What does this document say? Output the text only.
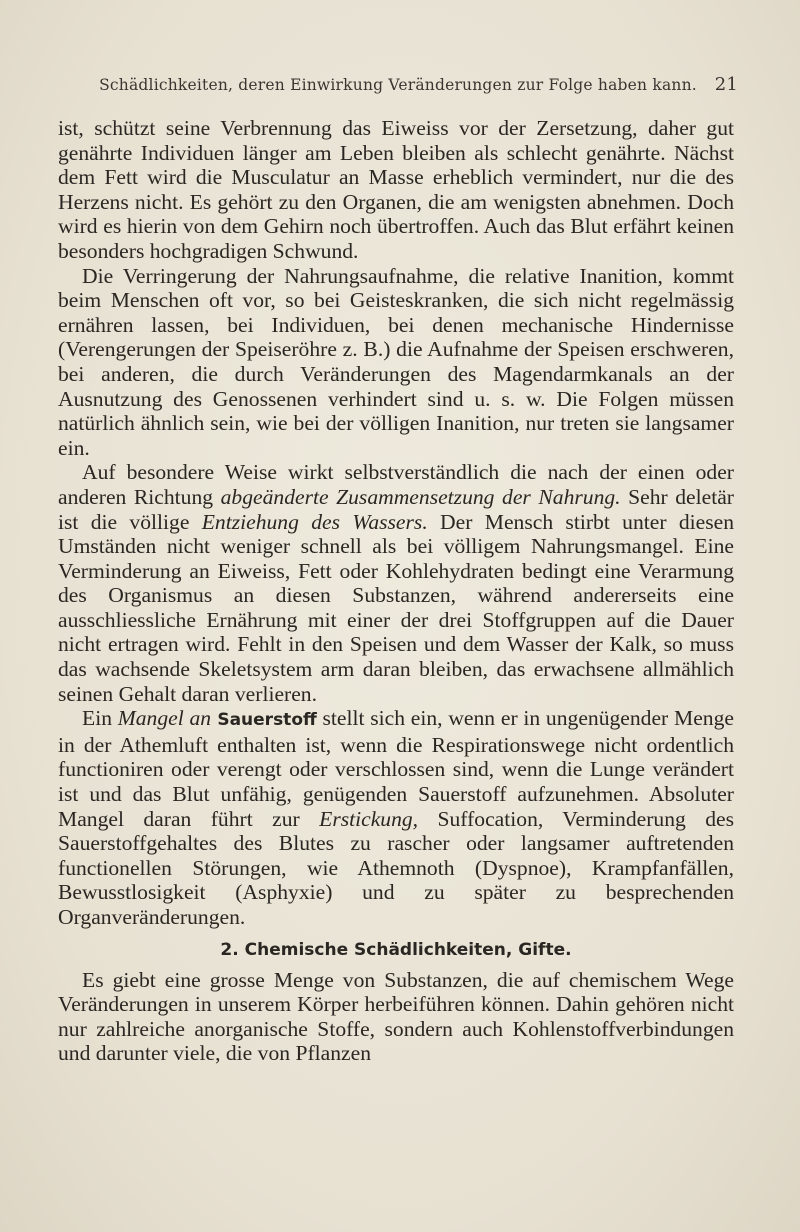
Schädlichkeiten, deren Einwirkung Veränderungen zur Folge haben kann. 21

ist, schützt seine Verbrennung das Eiweiss vor der Zersetzung, daher gut genährte Individuen länger am Leben bleiben als schlecht genährte. Nächst dem Fett wird die Musculatur an Masse erheblich vermindert, nur die des Herzens nicht. Es gehört zu den Organen, die am wenigsten abnehmen. Doch wird es hierin von dem Gehirn noch übertroffen. Auch das Blut erfährt keinen besonders hochgradigen Schwund.

Die Verringerung der Nahrungsaufnahme, die relative Inanition, kommt beim Menschen oft vor, so bei Geisteskranken, die sich nicht regelmässig ernähren lassen, bei Individuen, bei denen mechanische Hindernisse (Verengerungen der Speiseröhre z. B.) die Aufnahme der Speisen erschweren, bei anderen, die durch Veränderungen des Magendarmkanals an der Ausnutzung des Genossenen verhindert sind u. s. w. Die Folgen müssen natürlich ähnlich sein, wie bei der völligen Inanition, nur treten sie langsamer ein.

Auf besondere Weise wirkt selbstverständlich die nach der einen oder anderen Richtung abgeänderte Zusammensetzung der Nahrung. Sehr deletär ist die völlige Entziehung des Wassers. Der Mensch stirbt unter diesen Umständen nicht weniger schnell als bei völligem Nahrungsmangel. Eine Verminderung an Eiweiss, Fett oder Kohlehydraten bedingt eine Verarmung des Organismus an diesen Substanzen, während andererseits eine ausschliessliche Ernährung mit einer der drei Stoffgruppen auf die Dauer nicht ertragen wird. Fehlt in den Speisen und dem Wasser der Kalk, so muss das wachsende Skeletsystem arm daran bleiben, das erwachsene allmählich seinen Gehalt daran verlieren.

Ein Mangel an Sauerstoff stellt sich ein, wenn er in ungenügender Menge in der Athemluft enthalten ist, wenn die Respirationswege nicht ordentlich functioniren oder verengt oder verschlossen sind, wenn die Lunge verändert ist und das Blut unfähig, genügenden Sauerstoff aufzunehmen. Absoluter Mangel daran führt zur Erstickung, Suffocation, Verminderung des Sauerstoffgehaltes des Blutes zu rascher oder langsamer auftretenden functionellen Störungen, wie Athemnoth (Dyspnoe), Krampfanfällen, Bewusstlosigkeit (Asphyxie) und zu später zu besprechenden Organveränderungen.

2. Chemische Schädlichkeiten, Gifte.

Es giebt eine grosse Menge von Substanzen, die auf chemischem Wege Veränderungen in unserem Körper herbeiführen können. Dahin gehören nicht nur zahlreiche anorganische Stoffe, sondern auch Kohlenstoffverbindungen und darunter viele, die von Pflanzen
